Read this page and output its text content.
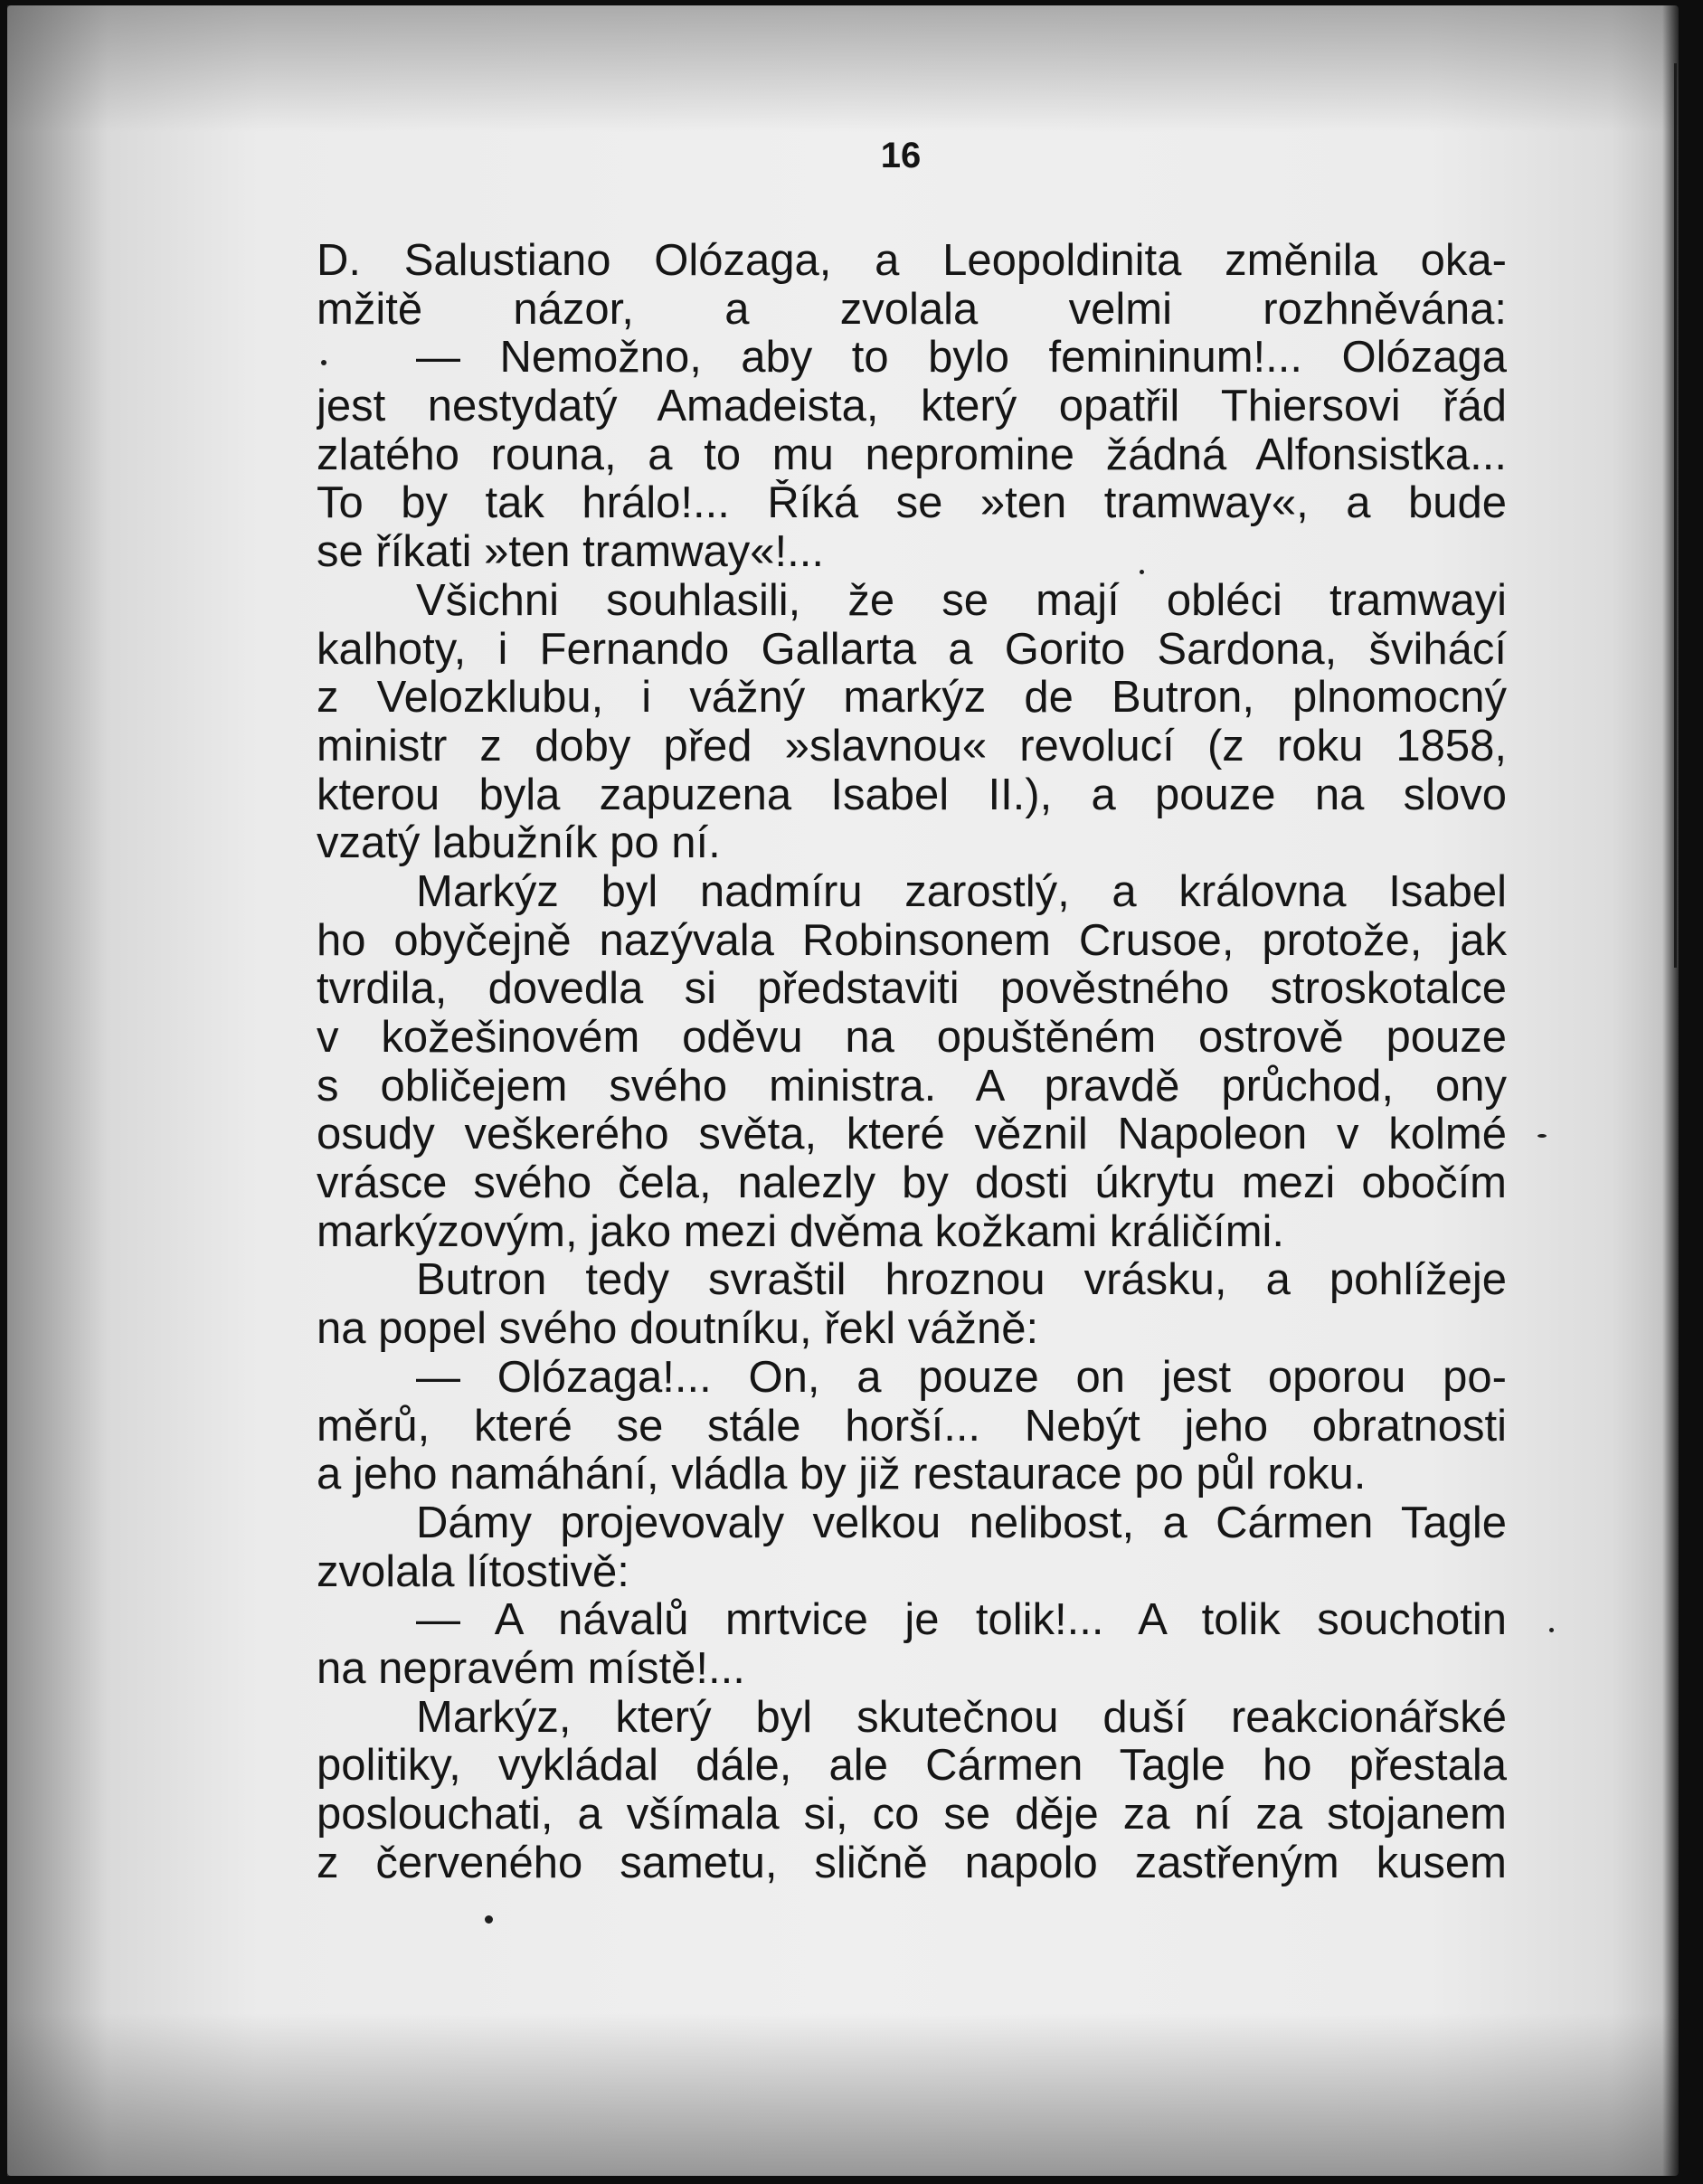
16
D. Salustiano Olózaga, a Leopoldinita změnila oka-
mžitě názor, a zvolala velmi rozhněvána:
— Nemožno, aby to bylo femininum!... Olózaga
jest nestydatý Amadeista, který opatřil Thiersovi řád
zlatého rouna, a to mu nepromine žádná Alfonsistka...
To by tak hrálo!... Říká se »ten tramway«, a bude
se říkati »ten tramway«!...
Všichni souhlasili, že se mají obléci tramwayi
kalhoty, i Fernando Gallarta a Gorito Sardona, švihácí
z Velozklubu, i vážný markýz de Butron, plnomocný
ministr z doby před »slavnou« revolucí (z roku 1858,
kterou byla zapuzena Isabel II.), a pouze na slovo
vzatý labužník po ní.
Markýz byl nadmíru zarostlý, a královna Isabel
ho obyčejně nazývala Robinsonem Crusoe, protože, jak
tvrdila, dovedla si představiti pověstného stroskotalce
v kožešinovém oděvu na opuštěném ostrově pouze
s obličejem svého ministra. A pravdě průchod, ony
osudy veškerého světa, které věznil Napoleon v kolmé
vrásce svého čela, nalezly by dosti úkrytu mezi obočím
markýzovým, jako mezi dvěma kožkami králičími.
Butron tedy svraštil hroznou vrásku, a pohlížeje
na popel svého doutníku, řekl vážně:
— Olózaga!... On, a pouze on jest oporou po-
měrů, které se stále horší... Nebýt jeho obratnosti
a jeho namáhání, vládla by již restaurace po půl roku.
Dámy projevovaly velkou nelibost, a Cármen Tagle
zvolala lítostivě:
— A návalů mrtvice je tolik!... A tolik souchotin
na nepravém místě!...
Markýz, který byl skutečnou duší reakcionářské
politiky, vykládal dále, ale Cármen Tagle ho přestala
poslouchati, a všímala si, co se děje za ní za stojanem
z červeného sametu, sličně napolo zastřeným kusem
